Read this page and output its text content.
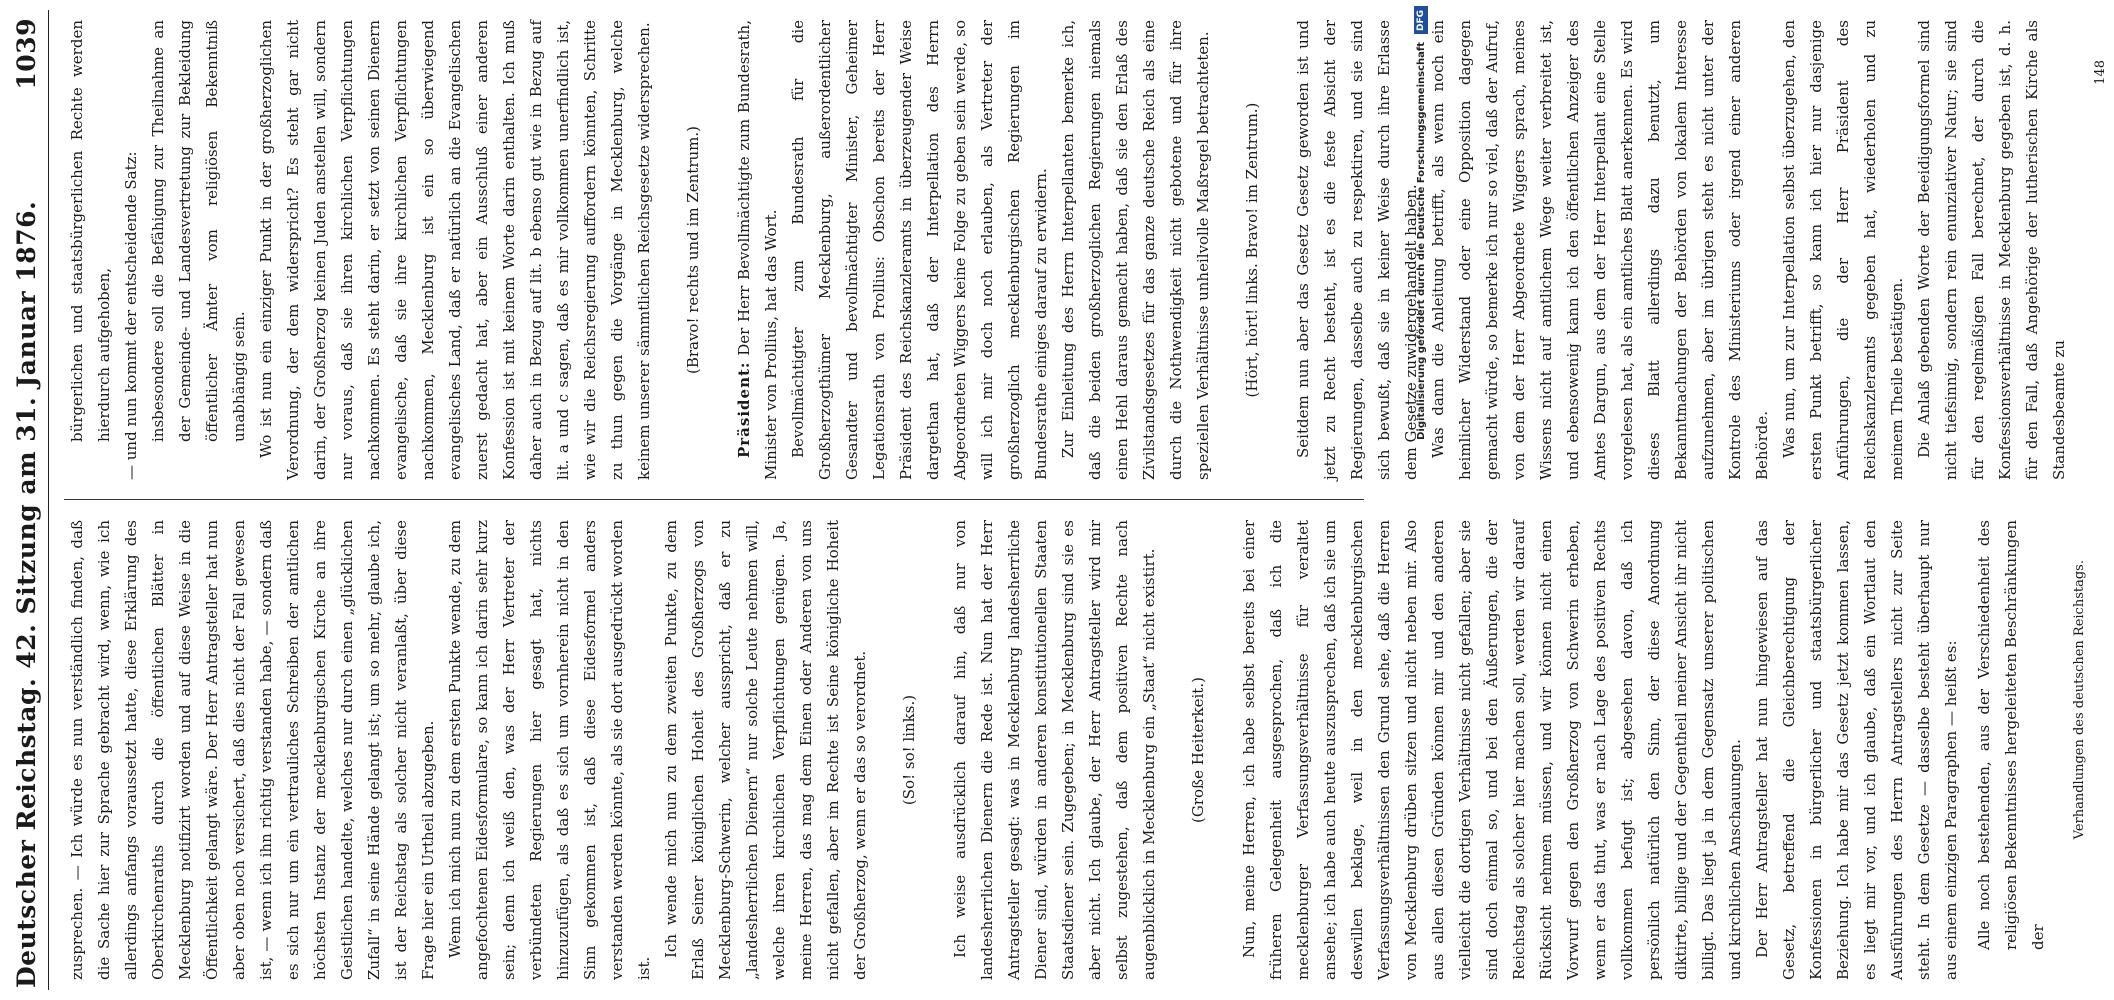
Deutscher Reichstag. 42. Sitzung am 31. Januar 1876.
1039

zusprechen. — Ich würde es nun verständlich finden, daß die Sache hier zur Sprache gebracht wird, wenn, wie ich allerdings anfangs voraussetzt hatte, diese Erklärung des Oberkirchenraths durch die öffentlichen Blätter in Mecklenburg notifizirt worden und auf diese Weise in die Öffentlichkeit gelangt wäre. Der Herr Antragsteller hat nun aber oben noch versichert, daß dies nicht der Fall gewesen ist, — wenn ich ihn richtig verstanden habe, — sondern daß es sich nur um ein vertrauliches Schreiben der amtlichen höchsten Instanz der mecklenburgischen Kirche an ihre Geistlichen handelte, welches nur durch einen „glücklichen Zufall“ in seine Hände gelangt ist; um so mehr, glaube ich, ist der Reichstag als solcher nicht veranlaßt, über diese Frage hier ein Urtheil abzugeben. Wenn ich mich nun zu dem ersten Punkte wende, zu dem angefochtenen Eidesformulare, so kann ich darin sehr kurz sein; denn ich weiß den, was der Herr Vertreter der verbündeten Regierungen hier gesagt hat, nichts hinzuzufügen, als daß es sich um vornherein nicht in den Sinn gekommen ist, daß diese Eidesformel anders verstanden werden könnte, als sie dort ausgedrückt worden ist.

Ich wende mich nun zu dem zweiten Punkte, zu dem Erlaß Seiner königlichen Hoheit des Großherzogs von Mecklenburg-Schwerin, welcher ausspricht, daß er zu „landesherrlichen Dienern“ nur solche Leute nehmen will, welche ihren kirchlichen Verpflichtungen genügen. Ja, meine Herren, das mag dem Einen oder Anderen von uns nicht gefallen, aber im Rechte ist Seine königliche Hoheit der Großherzog, wenn er das so verordnet.	(So! so! links.)	Ich weise ausdrücklich darauf hin, daß nur von landesherrlichen Dienern die Rede ist. Nun hat der Herr Antragsteller gesagt: was in Mecklenburg landesherrliche Diener sind, würden in anderen konstitutionellen Staaten Staatsdiener sein. Zugegeben; in Mecklenburg sind sie es aber nicht. Ich glaube, der Herr Antragsteller wird mir selbst zugestehen, daß dem positiven Rechte nach augenblicklich in Mecklenburg ein „Staat“ nicht existirt.	(Große Heiterkeit.)	Nun, meine Herren, ich habe selbst bereits bei einer früheren Gelegenheit ausgesprochen, daß ich die mecklenburger Verfassungsverhältnisse für veraltet ansehe; ich habe auch heute auszusprechen, daß ich sie um deswillen beklage, weil in den mecklenburgischen Verfassungsverhältnissen den Grund sehe, daß die Herren von Mecklenburg drüben sitzen und nicht neben mir. Also aus allen diesen Gründen können mir und den anderen vielleicht die dortigen Verhältnisse nicht gefallen; aber sie sind doch einmal so, und bei den Äußerungen, die der Reichstag als solcher hier machen soll, werden wir darauf Rücksicht nehmen müssen, und wir können nicht einen Vorwurf gegen den Großherzog von Schwerin erheben, wenn er das thut, was er nach Lage des positiven Rechts vollkommen befugt ist; abgesehen davon, daß ich persönlich natürlich den Sinn, der diese Anordnung diktirte, billige und der Gegentheil meiner Ansicht ihr nicht billigt. Das liegt ja in dem Gegensatz unserer politischen und kirchlichen Anschauungen. Der Herr Antragsteller hat nun hingewiesen auf das Gesetz, betreffend die Gleichberechtigung der Konfessionen in bürgerlicher und staatsbürgerlicher Beziehung. Ich habe mir das Gesetz jetzt kommen lassen, es liegt mir vor, und ich glaube, daß ein Wortlaut den Ausführungen des Herrn Antragstellers nicht zur Seite steht. In dem Gesetze — dasselbe besteht überhaupt nur aus einem einzigen Paragraphen — heißt es:	Alle noch bestehenden, aus der Verschiedenheit des religiösen Bekenntnisses hergeleiteten Beschränkungen der

Verhandlungen des deutschen Reichstags.

bürgerlichen und staatsbürgerlichen Rechte werden hierdurch aufgehoben, — und nun kommt der entscheidende Satz: insbesondere soll die Befähigung zur Theilnahme an der Gemeinde- und Landesvertretung zur Bekleidung öffentlicher Ämter vom religiösen Bekenntniß unabhängig sein. Wo ist nun ein einziger Punkt in der großherzoglichen Verordnung, der dem widerspricht? Es steht gar nicht darin, der Großherzog keinen Juden anstellen will, sondern nur voraus, daß sie ihren kirchlichen Verpflichtungen nachkommen. Es steht darin, er setzt von seinen Dienern evangelische, daß sie ihre kirchlichen Verpflichtungen nachkommen, Mecklenburg ist ein so überwiegend evangelisches Land, daß er natürlich an die Evangelischen zuerst gedacht hat, aber ein Ausschluß einer anderen Konfession ist mit keinem Worte darin enthalten. Ich muß daher auch in Bezug auf lit. b ebenso gut wie in Bezug auf lit. a und c sagen, daß es mir vollkommen unerfindlich ist, wie wir die Reichsregierung auffordern könnten, Schritte zu thun gegen die Vorgänge in Mecklenburg, welche keinem unserer sämmtlichen Reichsgesetze widersprechen.	(Bravo! rechts und im Zentrum.)

Präsident: Der Herr Bevollmächtigte zum Bundesrath, Minister von Prollius, hat das Wort. Bevollmächtigter zum Bundesrath für die Großherzogthümer Mecklenburg, außerordentlicher Gesandter und bevollmächtigter Minister, Geheimer Legationsrath von Prollius: Obschon bereits der Herr Präsident des Reichskanzleramts in überzeugender Weise dargethan hat, daß der Interpellation des Herrn Abgeordneten Wiggers keine Folge zu geben sein werde, so will ich mir doch noch erlauben, als Vertreter der großherzoglich mecklenburgischen Regierungen im Bundesrathe einiges darauf zu erwidern. Zur Einleitung des Herrn Interpellanten bemerke ich, daß die beiden großherzoglichen Regierungen niemals einen Hehl daraus gemacht haben, daß sie den Erlaß des Zivilstandsgesetzes für das ganze deutsche Reich als eine durch die Nothwendigkeit nicht gebotene und für ihre speziellen Verhältnisse unheilvolle Maßregel betrachteten.	(Hört, hört! links. Bravo! im Zentrum.)	Seitdem nun aber das Gesetz Gesetz geworden ist und jetzt zu Recht besteht, ist es die feste Absicht der Regierungen, dasselbe auch zu respektiren, und sie sind sich bewußt, daß sie in keiner Weise durch ihre Erlasse dem Gesetze zuwidergehandelt haben. Was dann die Anleitung betrifft, als wenn noch ein heimlicher Widerstand oder eine Opposition dagegen gemacht würde, so bemerke ich nur so viel, daß der Aufruf, von dem der Herr Abgeordnete Wiggers sprach, meines Wissens nicht auf amtlichem Wege weiter verbreitet ist, und ebensowenig kann ich den öffentlichen Anzeiger des Amtes Dargun, aus dem der Herr Interpellant eine Stelle vorgelesen hat, als ein amtliches Blatt anerkennen. Es wird dieses Blatt allerdings dazu benutzt, um Bekanntmachungen der Behörden von lokalem Interesse aufzunehmen, aber im übrigen steht es nicht unter der Kontrole des Ministeriums oder irgend einer anderen Behörde. Was nun, um zur Interpellation selbst überzugehen, den ersten Punkt betrifft, so kann ich hier nur dasjenige Anführungen, die der Herr Präsident des Reichskanzleramts gegeben hat, wiederholen und zu meinem Theile bestätigen. Die Anlaß gebenden Worte der Beeidigungsformel sind nicht tiefsinnig, sondern rein enunziativer Natur; sie sind für den regelmäßigen Fall berechnet, der durch die Konfessionsverhältnisse in Mecklenburg gegeben ist, d. h. für den Fall, daß Angehörige der lutherischen Kirche als Standesbeamte zu

148

DFG
Digitalisierung gefördert durch die Deutsche Forschungsgemeinschaft
